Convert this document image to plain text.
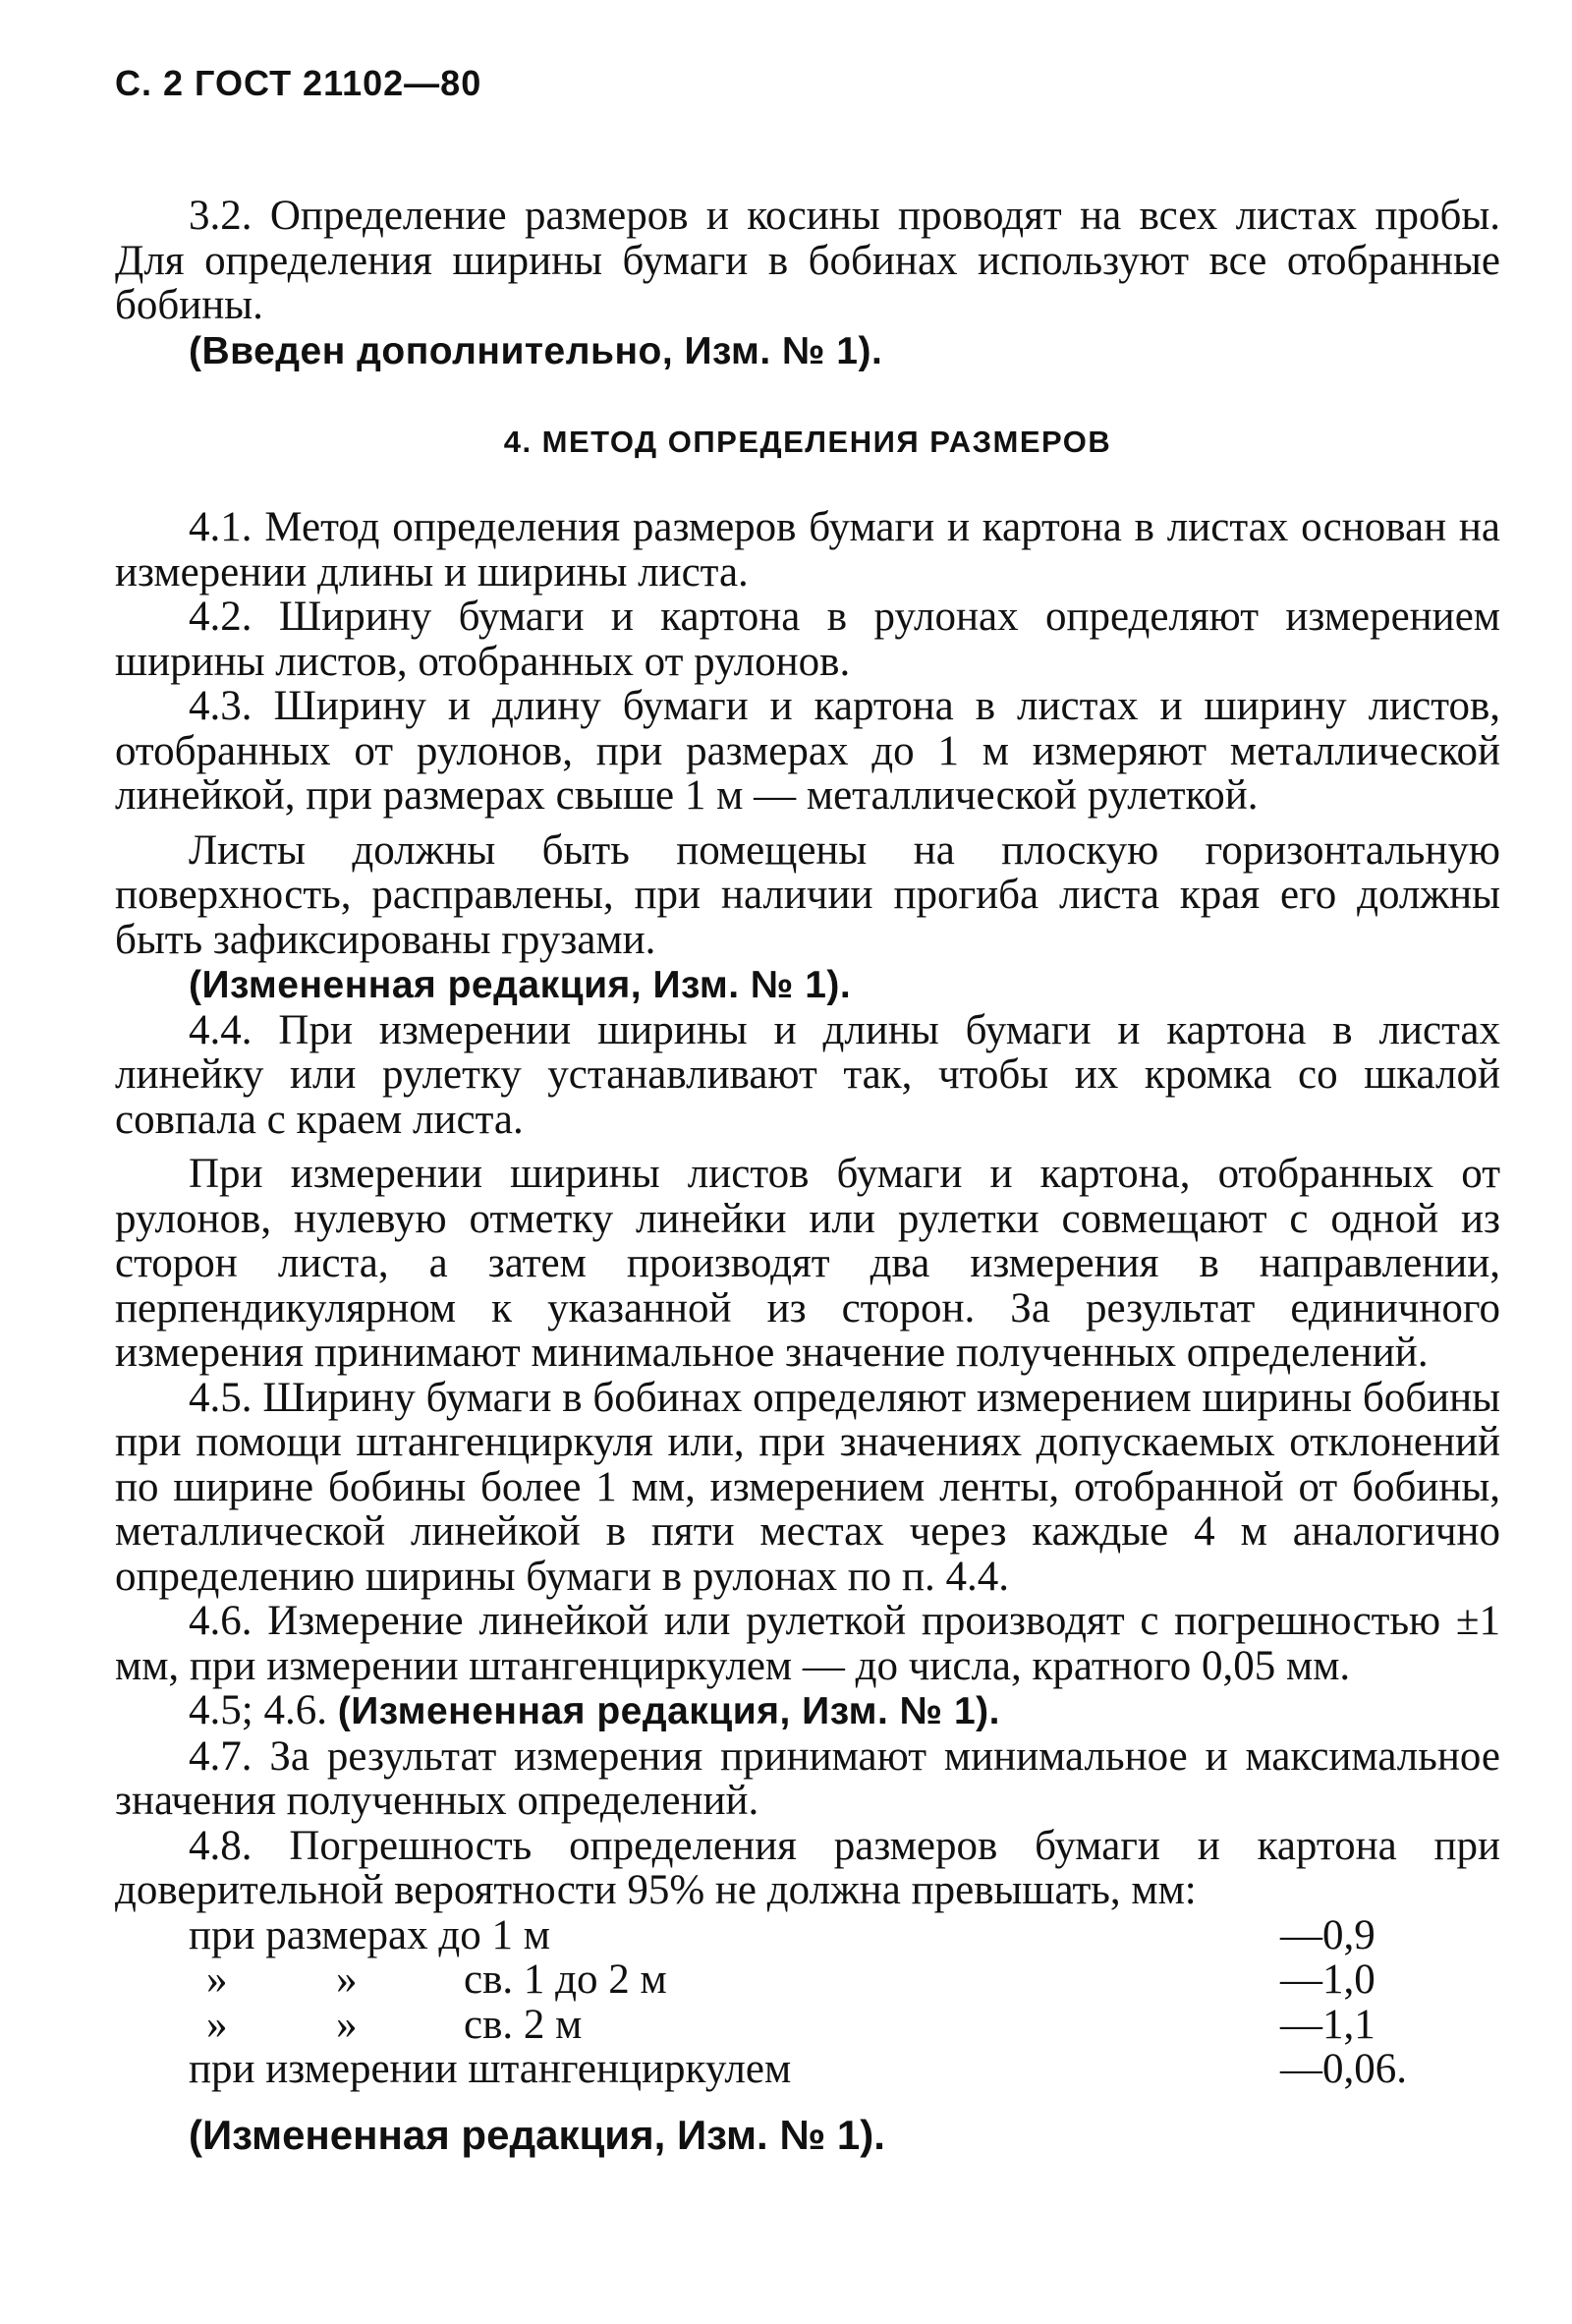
С. 2 ГОСТ 21102—80

3.2. Определение размеров и косины проводят на всех листах пробы. Для определения ширины бумаги в бобинах используют все отобранные бобины.

(Введен дополнительно, Изм. № 1).

4. МЕТОД ОПРЕДЕЛЕНИЯ РАЗМЕРОВ

4.1. Метод определения размеров бумаги и картона в листах основан на измерении длины и ширины листа.

4.2. Ширину бумаги и картона в рулонах определяют измерением ширины листов, отобранных от рулонов.

4.3. Ширину и длину бумаги и картона в листах и ширину листов, отобранных от рулонов, при размерах до 1 м измеряют металлической линейкой, при размерах свыше 1 м — металлической рулеткой.

Листы должны быть помещены на плоскую горизонтальную поверхность, расправлены, при наличии прогиба листа края его должны быть зафиксированы грузами.

(Измененная редакция, Изм. № 1).

4.4. При измерении ширины и длины бумаги и картона в листах линейку или рулетку устанавливают так, чтобы их кромка со шкалой совпала с краем листа.

При измерении ширины листов бумаги и картона, отобранных от рулонов, нулевую отметку линейки или рулетки совмещают с одной из сторон листа, а затем производят два измерения в направлении, перпендикулярном к указанной из сторон. За результат единичного измерения принимают минимальное значение полученных определений.

4.5. Ширину бумаги в бобинах определяют измерением ширины бобины при помощи штангенциркуля или, при значениях допускаемых отклонений по ширине бобины более 1 мм, измерением ленты, отобранной от бобины, металлической линейкой в пяти местах через каждые 4 м аналогично определению ширины бумаги в рулонах по п. 4.4.

4.6. Измерение линейкой или рулеткой производят с погрешностью ±1 мм, при измерении штангенциркулем — до числа, кратного 0,05 мм.

4.5; 4.6. (Измененная редакция, Изм. № 1).

4.7. За результат измерения принимают минимальное и максимальное значения полученных определений.

4.8. Погрешность определения размеров бумаги и картона при доверительной вероятности 95% не должна превышать, мм:

при размерах до 1 м	—0,9
»	»	св. 1 до 2 м	—1,0
»	»	св. 2 м	—1,1
при измерении штангенциркулем	—0,06.
(Измененная редакция, Изм. № 1).
